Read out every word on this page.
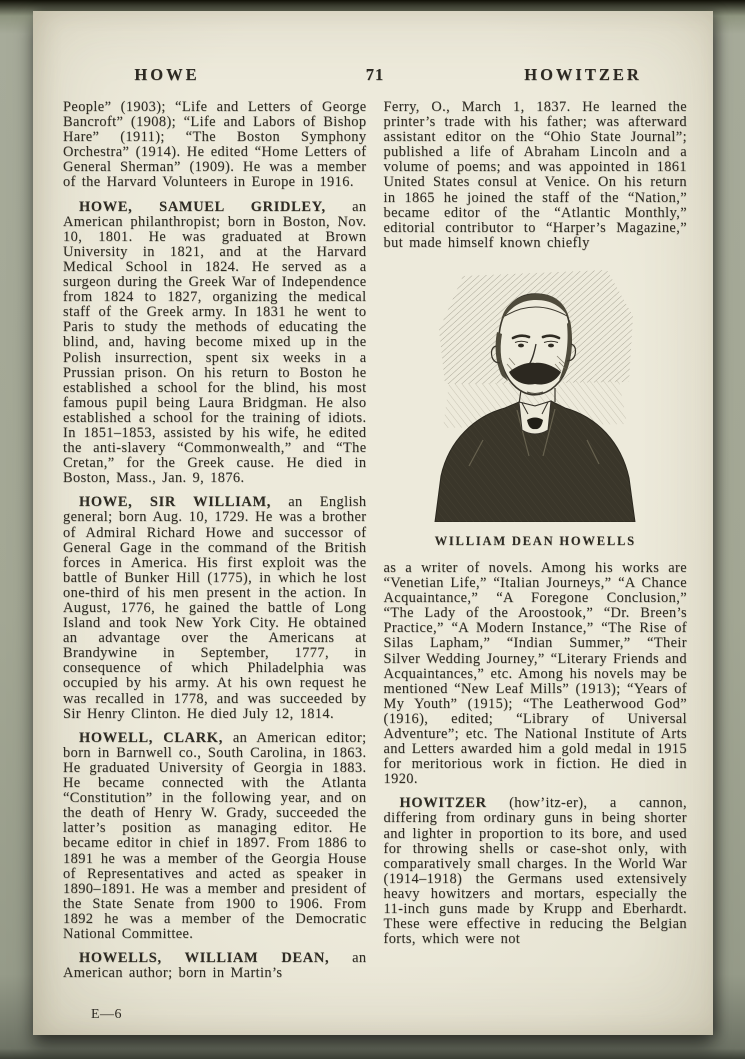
HOWE	71	HOWITZER

People” (1903); “Life and Letters of George Bancroft” (1908); “Life and Labors of Bishop Hare” (1911); “The Boston Symphony Orchestra” (1914). He edited “Home Letters of General Sherman” (1909). He was a member of the Harvard Volunteers in Europe in 1916.

HOWE, SAMUEL GRIDLEY, an American philanthropist; born in Boston, Nov. 10, 1801. He was graduated at Brown University in 1821, and at the Harvard Medical School in 1824. He served as a surgeon during the Greek War of Independence from 1824 to 1827, organizing the medical staff of the Greek army. In 1831 he went to Paris to study the methods of educating the blind, and, having become mixed up in the Polish insurrection, spent six weeks in a Prussian prison. On his return to Boston he established a school for the blind, his most famous pupil being Laura Bridgman. He also established a school for the training of idiots. In 1851–1853, assisted by his wife, he edited the anti-slavery “Commonwealth,” and “The Cretan,” for the Greek cause. He died in Boston, Mass., Jan. 9, 1876.

HOWE, SIR WILLIAM, an English general; born Aug. 10, 1729. He was a brother of Admiral Richard Howe and successor of General Gage in the command of the British forces in America. His first exploit was the battle of Bunker Hill (1775), in which he lost one-third of his men present in the action. In August, 1776, he gained the battle of Long Island and took New York City. He obtained an advantage over the Americans at Brandywine in September, 1777, in consequence of which Philadelphia was occupied by his army. At his own request he was recalled in 1778, and was succeeded by Sir Henry Clinton. He died July 12, 1814.

HOWELL, CLARK, an American editor; born in Barnwell co., South Carolina, in 1863. He graduated University of Georgia in 1883. He became connected with the Atlanta “Constitution” in the following year, and on the death of Henry W. Grady, succeeded the latter’s position as managing editor. He became editor in chief in 1897. From 1886 to 1891 he was a member of the Georgia House of Representatives and acted as speaker in 1890–1891. He was a member and president of the State Senate from 1900 to 1906. From 1892 he was a member of the Democratic National Committee.

HOWELLS, WILLIAM DEAN, an American author; born in Martin’s

Ferry, O., March 1, 1837. He learned the printer’s trade with his father; was afterward assistant editor on the “Ohio State Journal”; published a life of Abraham Lincoln and a volume of poems; and was appointed in 1861 United States consul at Venice. On his return in 1865 he joined the staff of the “Nation,” became editor of the “Atlantic Monthly,” editorial contributor to “Harper’s Magazine,” but made himself known chiefly

WILLIAM DEAN HOWELLS

as a writer of novels. Among his works are “Venetian Life,” “Italian Journeys,” “A Chance Acquaintance,” “A Foregone Conclusion,” “The Lady of the Aroostook,” “Dr. Breen’s Practice,” “A Modern Instance,” “The Rise of Silas Lapham,” “Indian Summer,” “Their Silver Wedding Journey,” “Literary Friends and Acquaintances,” etc. Among his novels may be mentioned “New Leaf Mills” (1913); “Years of My Youth” (1915); “The Leatherwood God” (1916), edited; “Library of Universal Adventure”; etc. The National Institute of Arts and Letters awarded him a gold medal in 1915 for meritorious work in fiction. He died in 1920.

HOWITZER (how’itz-er), a cannon, differing from ordinary guns in being shorter and lighter in proportion to its bore, and used for throwing shells or case-shot only, with comparatively small charges. In the World War (1914–1918) the Germans used extensively heavy howitzers and mortars, especially the 11-inch guns made by Krupp and Eberhardt. These were effective in reducing the Belgian forts, which were not

E—6
